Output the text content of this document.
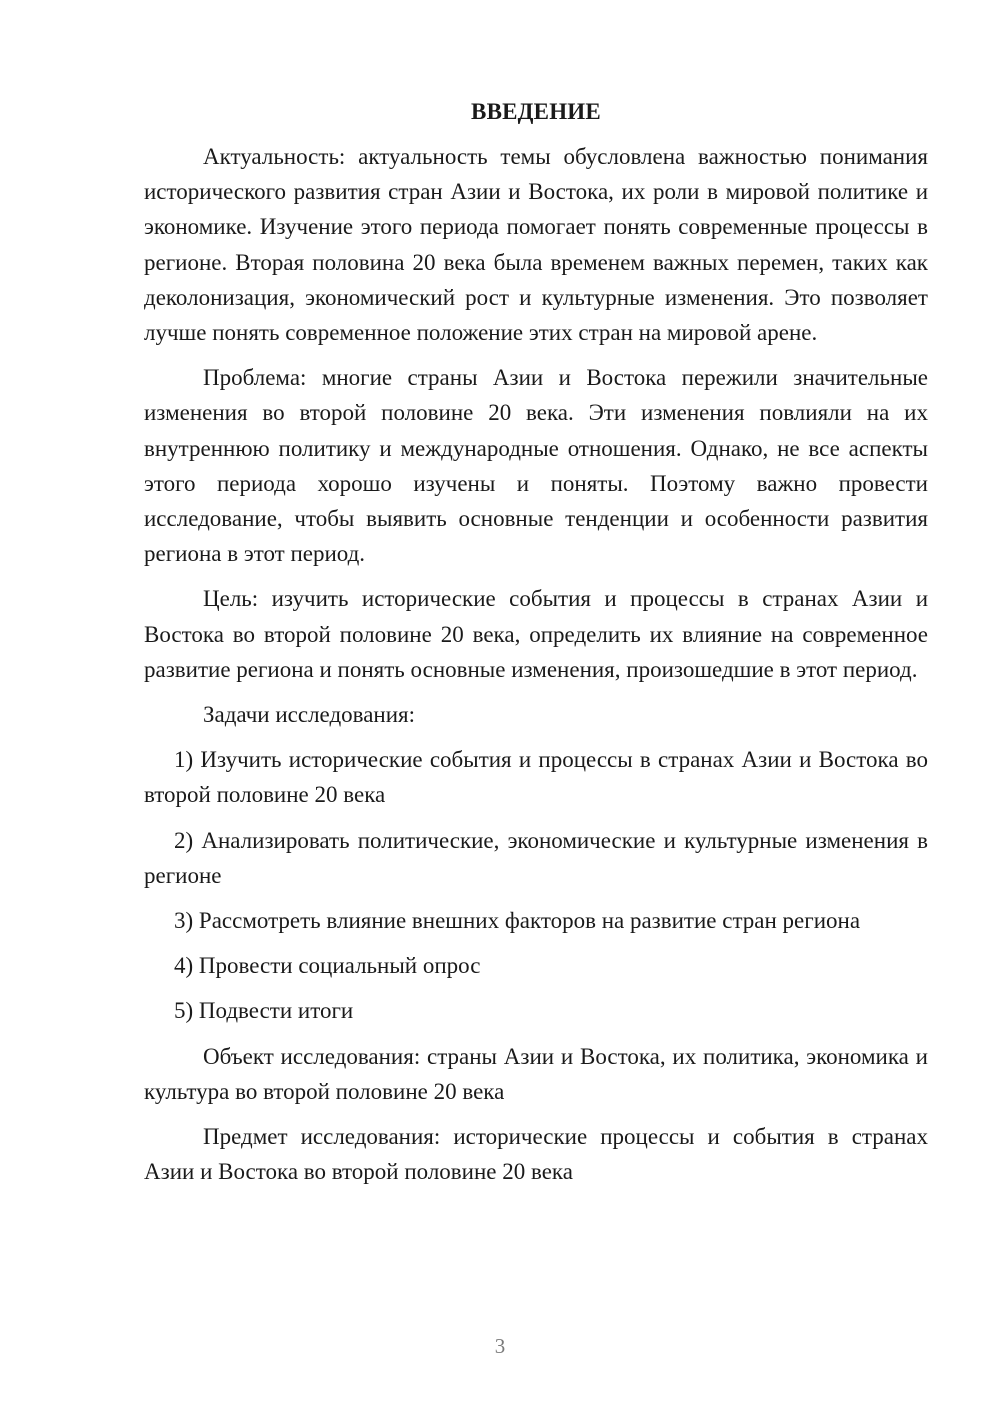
ВВЕДЕНИЕ

Актуальность: актуальность темы обусловлена важностью понимания исторического развития стран Азии и Востока, их роли в мировой политике и экономике. Изучение этого периода помогает понять современные процессы в регионе. Вторая половина 20 века была временем важных перемен, таких как деколонизация, экономический рост и культурные изменения. Это позволяет лучше понять современное положение этих стран на мировой арене.

Проблема: многие страны Азии и Востока пережили значительные изменения во второй половине 20 века. Эти изменения повлияли на их внутреннюю политику и международные отношения. Однако, не все аспекты этого периода хорошо изучены и поняты. Поэтому важно провести исследование, чтобы выявить основные тенденции и особенности развития региона в этот период.

Цель: изучить исторические события и процессы в странах Азии и Востока во второй половине 20 века, определить их влияние на современное развитие региона и понять основные изменения, произошедшие в этот период.

Задачи исследования:

1) Изучить исторические события и процессы в странах Азии и Востока во второй половине 20 века

2) Анализировать политические, экономические и культурные изменения в регионе

3) Рассмотреть влияние внешних факторов на развитие стран региона

4) Провести социальный опрос

5) Подвести итоги

Объект исследования: страны Азии и Востока, их политика, экономика и культура во второй половине 20 века

Предмет исследования: исторические процессы и события в странах Азии и Востока во второй половине 20 века

3
